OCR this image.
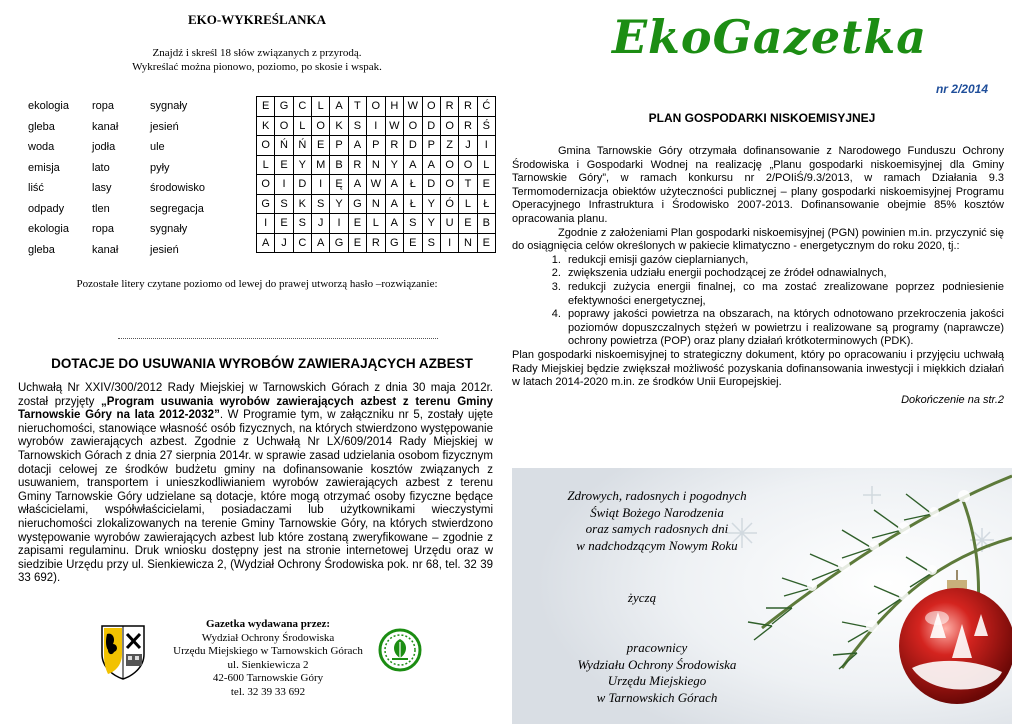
EKO-WYKREŚLANKA
Znajdź i skreśl 18 słów związanych z przyrodą.
Wykreślać można pionowo, poziomo, po skosie i wspak.
ekologia	ropa	sygnały
gleba	kanał	jesień
woda	jodła	ule
emisja	lato	pyły
liść	lasy	środowisko
odpady	tlen	segregacja
ekologia	ropa	sygnały
gleba	kanał	jesień
E	G	C	L	A	T	O	H	W	O	R	R	Ć
K	O	L	O	K	S	I	W	O	D	O	R	Ś
O	Ń	Ń	E	P	A	P	R	D	P	Z	J	I
L	E	Y	M	B	R	N	Y	A	A	O	O	L
O	I	D	I	Ę	A	W	A	Ł	D	O	T	E
G	S	K	S	Y	G	N	A	Ł	Y	Ó	L	Ł
I	E	S	J	I	E	L	A	S	Y	U	E	B
A	J	C	A	G	E	R	G	E	S	I	N	E
Pozostałe litery czytane poziomo od lewej do prawej utworzą hasło –rozwiązanie:
DOTACJE DO USUWANIA WYROBÓW ZAWIERAJĄCYCH AZBEST
Uchwałą Nr XXIV/300/2012 Rady Miejskiej w Tarnowskich Górach z dnia 30 maja 2012r. został przyjęty „Program usuwania wyrobów zawierających azbest z terenu Gminy Tarnowskie Góry na lata 2012-2032”. W Programie tym, w załączniku nr 5, zostały ujęte nieruchomości, stanowiące własność osób fizycznych, na których stwierdzono występowanie wyrobów zawierających azbest. Zgodnie z Uchwałą Nr LX/609/2014 Rady Miejskiej w Tarnowskich Górach z dnia 27 sierpnia 2014r. w sprawie zasad udzielania osobom fizycznym dotacji celowej ze środków budżetu gminy na dofinansowanie kosztów związanych z usuwaniem, transportem i unieszkodliwianiem wyrobów zawierających azbest z terenu Gminy Tarnowskie Góry udzielane są dotacje, które mogą otrzymać osoby fizyczne będące właścicielami, współwłaścicielami, posiadaczami lub użytkownikami wieczystymi nieruchomości zlokalizowanych na terenie Gminy Tarnowskie Góry, na których stwierdzono występowanie wyrobów zawierających azbest lub które zostaną zweryfikowane – zgodnie z zapisami regulaminu. Druk wniosku dostępny jest na stronie internetowej Urzędu oraz w siedzibie Urzędu przy ul. Sienkiewicza 2, (Wydział Ochrony Środowiska pok. nr 68, tel. 32 39 33 692).
Gazetka wydawana przez:
Wydział Ochrony Środowiska
Urzędu Miejskiego w Tarnowskich Górach
ul. Sienkiewicza 2
42-600 Tarnowskie Góry
tel. 32 39 33 692
EkoGazetka
nr 2/2014
PLAN GOSPODARKI NISKOEMISYJNEJ

Gmina Tarnowskie Góry otrzymała dofinansowanie z Narodowego Funduszu Ochrony Środowiska i Gospodarki Wodnej na realizację „Planu gospodarki niskoemisyjnej dla Gminy Tarnowskie Góry”, w ramach konkursu nr 2/POIiŚ/9.3/2013, w ramach Działania 9.3 Termomodernizacja obiektów użyteczności publicznej – plany gospodarki niskoemisyjnej Programu Operacyjnego Infrastruktura i Środowisko 2007-2013. Dofinansowanie obejmie 85% kosztów opracowania planu.

Zgodnie z założeniami Plan gospodarki niskoemisyjnej (PGN) powinien m.in. przyczynić się do osiągnięcia celów określonych w pakiecie klimatyczno - energetycznym do roku 2020, tj.:

1. redukcji emisji gazów cieplarnianych,
2. zwiększenia udziału energii pochodzącej ze źródeł odnawialnych,
3. redukcji zużycia energii finalnej, co ma zostać zrealizowane poprzez podniesienie efektywności energetycznej,
4. poprawy jakości powietrza na obszarach, na których odnotowano przekroczenia jakości poziomów dopuszczalnych stężeń w powietrzu i realizowane są programy (naprawcze) ochrony powietrza (POP) oraz plany działań krótkoterminowych (PDK).

Plan gospodarki niskoemisyjnej to strategiczny dokument, który po opracowaniu i przyjęciu uchwałą Rady Miejskiej będzie zwiększał możliwość pozyskania dofinansowania inwestycji i miękkich działań w latach 2014-2020 m.in. ze środków Unii Europejskiej.

Dokończenie na str.2

Zdrowych, radosnych i pogodnych
Świąt Bożego Narodzenia
oraz samych radosnych dni
w nadchodzącym Nowym Roku
życzą
pracownicy
Wydziału Ochrony Środowiska
Urzędu Miejskiego
w Tarnowskich Górach
